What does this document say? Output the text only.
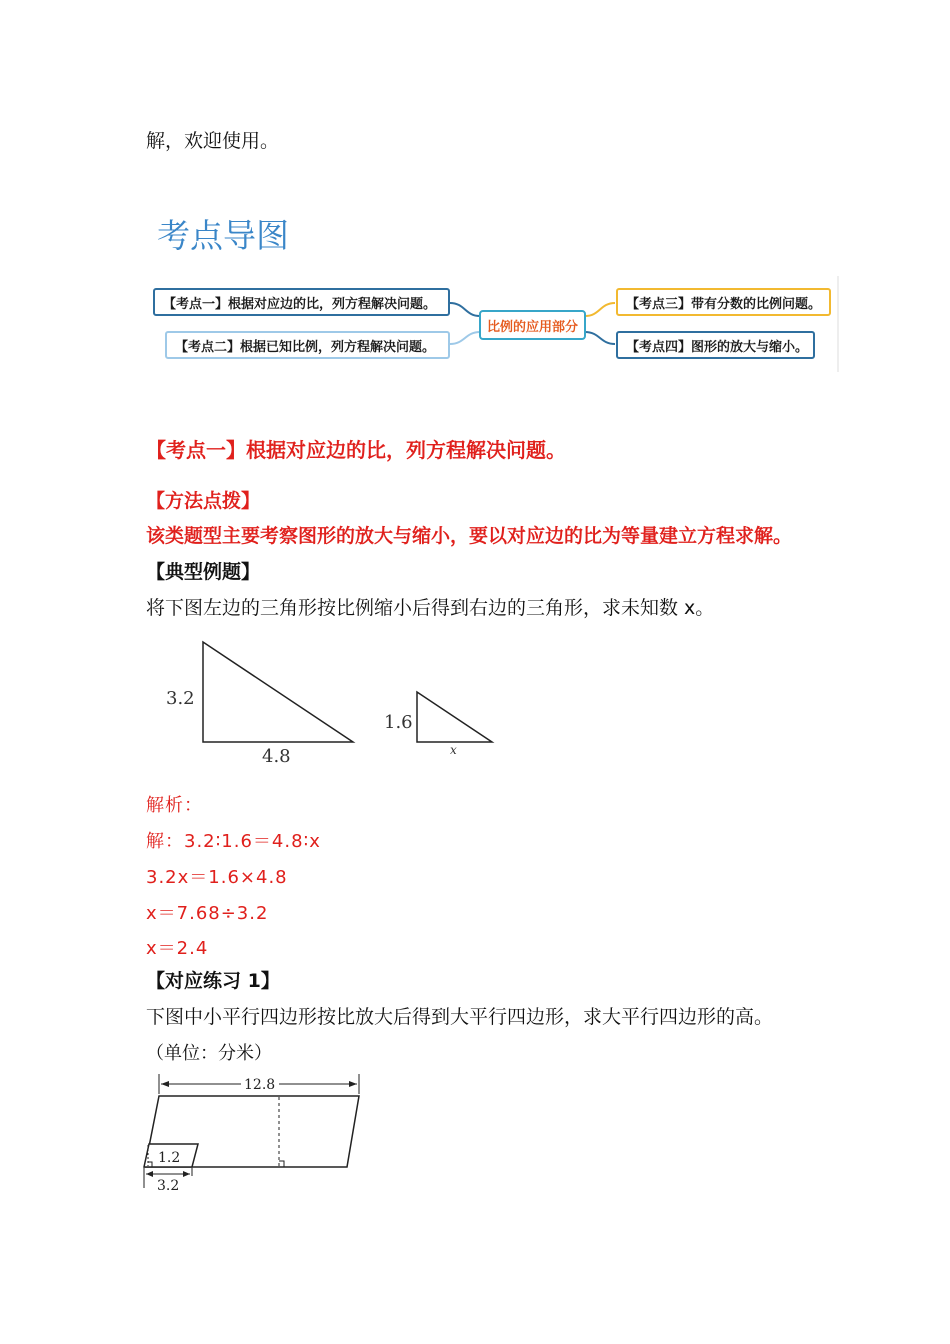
解，欢迎使用。
考点导图
【考点一】根据对应边的比，列方程解决问题。
【考点二】根据已知比例，列方程解决问题。
比例的应用部分
【考点三】带有分数的比例问题。
【考点四】图形的放大与缩小。
【考点一】根据对应边的比，列方程解决问题。
【方法点拨】
该类题型主要考察图形的放大与缩小，要以对应边的比为等量建立方程求解。
【典型例题】
将下图左边的三角形按比例缩小后得到右边的三角形，求未知数 x。
3.2
4.8
1.6
x
解析：
解：3.2∶1.6＝4.8∶x
3.2x＝1.6×4.8
x＝7.68÷3.2
x＝2.4
【对应练习 1】
下图中小平行四边形按比放大后得到大平行四边形，求大平行四边形的高。
（单位：分米）
12.8
1.2
3.2
